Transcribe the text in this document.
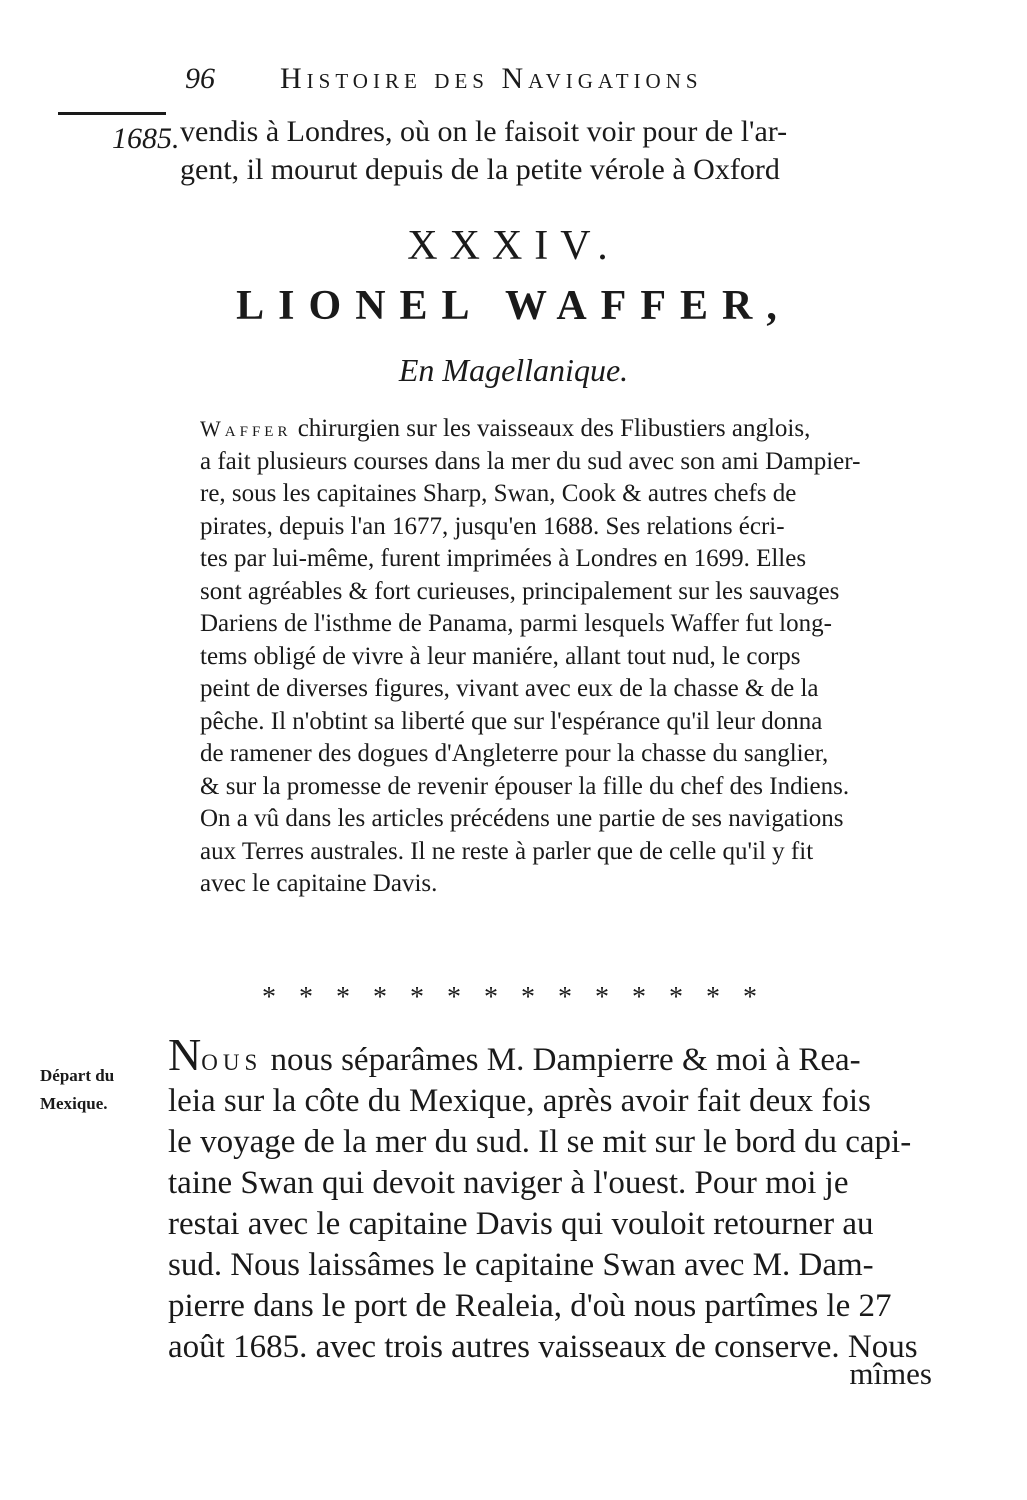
96 Histoire des Navigations
1685. vendis à Londres, où on le faisoit voir pour de l'ar-
gent, il mourut depuis de la petite vérole à Oxford
XXXIV.
LIONEL WAFFER,
En Magellanique.
Waffer chirurgien sur les vaisseaux des Flibustiers anglois,
a fait plusieurs courses dans la mer du sud avec son ami Dampier-
re, sous les capitaines Sharp, Swan, Cook & autres chefs de
pirates, depuis l'an 1677, jusqu'en 1688. Ses relations écri-
tes par lui-même, furent imprimées à Londres en 1699. Elles
sont agréables & fort curieuses, principalement sur les sauvages
Dariens de l'isthme de Panama, parmi lesquels Waffer fut long-
tems obligé de vivre à leur maniére, allant tout nud, le corps
peint de diverses figures, vivant avec eux de la chasse & de la
pêche. Il n'obtint sa liberté que sur l'espérance qu'il leur donna
de ramener des dogues d'Angleterre pour la chasse du sanglier,
& sur la promesse de revenir épouser la fille du chef des Indiens.
On a vû dans les articles précédens une partie de ses navigations
aux Terres australes. Il ne reste à parler que de celle qu'il y fit
avec le capitaine Davis.
* * * * * * * * * * * * * *
Départ du
Mexique.
Nous nous séparâmes M. Dampierre & moi à Rea-
leia sur la côte du Mexique, après avoir fait deux fois
le voyage de la mer du sud. Il se mit sur le bord du capi-
taine Swan qui devoit naviger à l'ouest. Pour moi je
restai avec le capitaine Davis qui vouloit retourner au
sud. Nous laissâmes le capitaine Swan avec M. Dam-
pierre dans le port de Realeia, d'où nous partîmes le 27
août 1685. avec trois autres vaisseaux de conserve. Nous
mîmes
